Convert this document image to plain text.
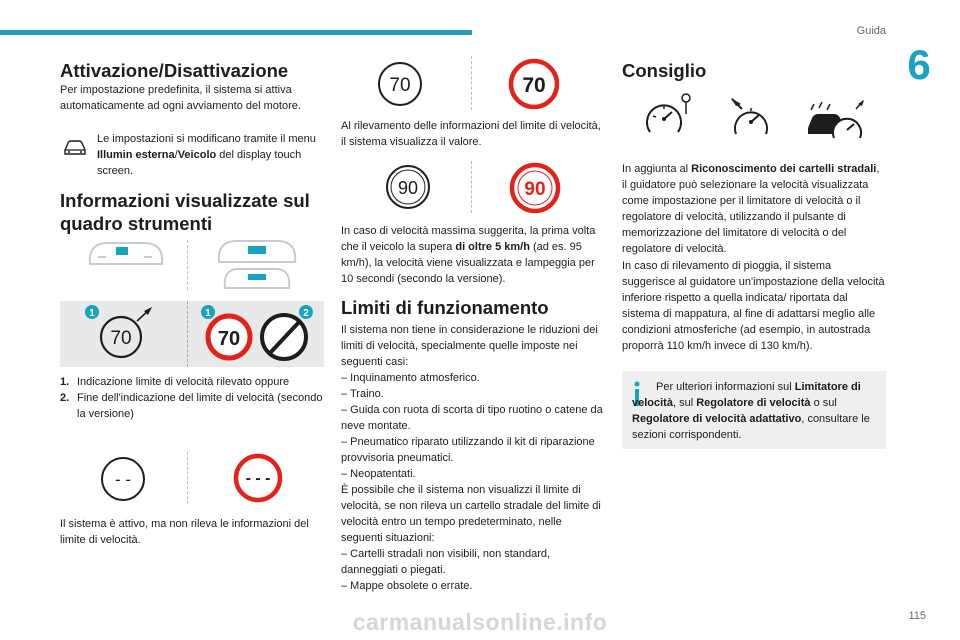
Guida
6
Attivazione/Disattivazione

Per impostazione predefinita, il sistema si attiva automaticamente ad ogni avviamento del motore.

Le impostazioni si modificano tramite il menu Illumin esterna/Veicolo del display touch screen.

Informazioni visualizzate sul quadro strumenti
1
70
1
70
2
1. Indicazione limite di velocità rilevato oppure
2. Fine dell'indicazione del limite di velocità (secondo la versione)
- -	- - -

Il sistema è attivo, ma non rileva le informazioni del limite di velocità.

70	70

Al rilevamento delle informazioni del limite di velocità, il sistema visualizza il valore.

90	90

In caso di velocità massima suggerita, la prima volta che il veicolo la supera di oltre 5 km/h (ad es. 95 km/h), la velocità viene visualizzata e lampeggia per 10 secondi (secondo la versione).

Limiti di funzionamento

Il sistema non tiene in considerazione le riduzioni dei limiti di velocità, specialmente quelle imposte nei seguenti casi:

– Inquinamento atmosferico.

– Traino.

– Guida con ruota di scorta di tipo ruotino o catene da neve montate.

– Pneumatico riparato utilizzando il kit di riparazione provvisoria pneumatici.

– Neopatentati.

È possibile che il sistema non visualizzi il limite di velocità, se non rileva un cartello stradale del limite di velocità entro un tempo predeterminato, nelle seguenti situazioni:

– Cartelli stradali non visibili, non standard, danneggiati o piegati.

– Mappe obsolete o errate.

Consiglio

In aggiunta al Riconoscimento dei cartelli stradali, il guidatore può selezionare la velocità visualizzata come impostazione per il limitatore di velocità o il regolatore di velocità, utilizzando il pulsante di memorizzazione del limitatore di velocità o del regolatore di velocità.

In caso di rilevamento di pioggia, il sistema suggerisce al guidatore un'impostazione della velocità inferiore rispetto a quella indicata/ riportata dal sistema di mappatura, al fine di adattarsi meglio alle condizioni atmosferiche (ad esempio, in autostrada proporrà 110 km/h invece di 130 km/h).

Per ulteriori informazioni sul Limitatore di velocità, sul Regolatore di velocità o sul Regolatore di velocità adattativo, consultare le sezioni corrispondenti.

115
carmanualsonline.info
